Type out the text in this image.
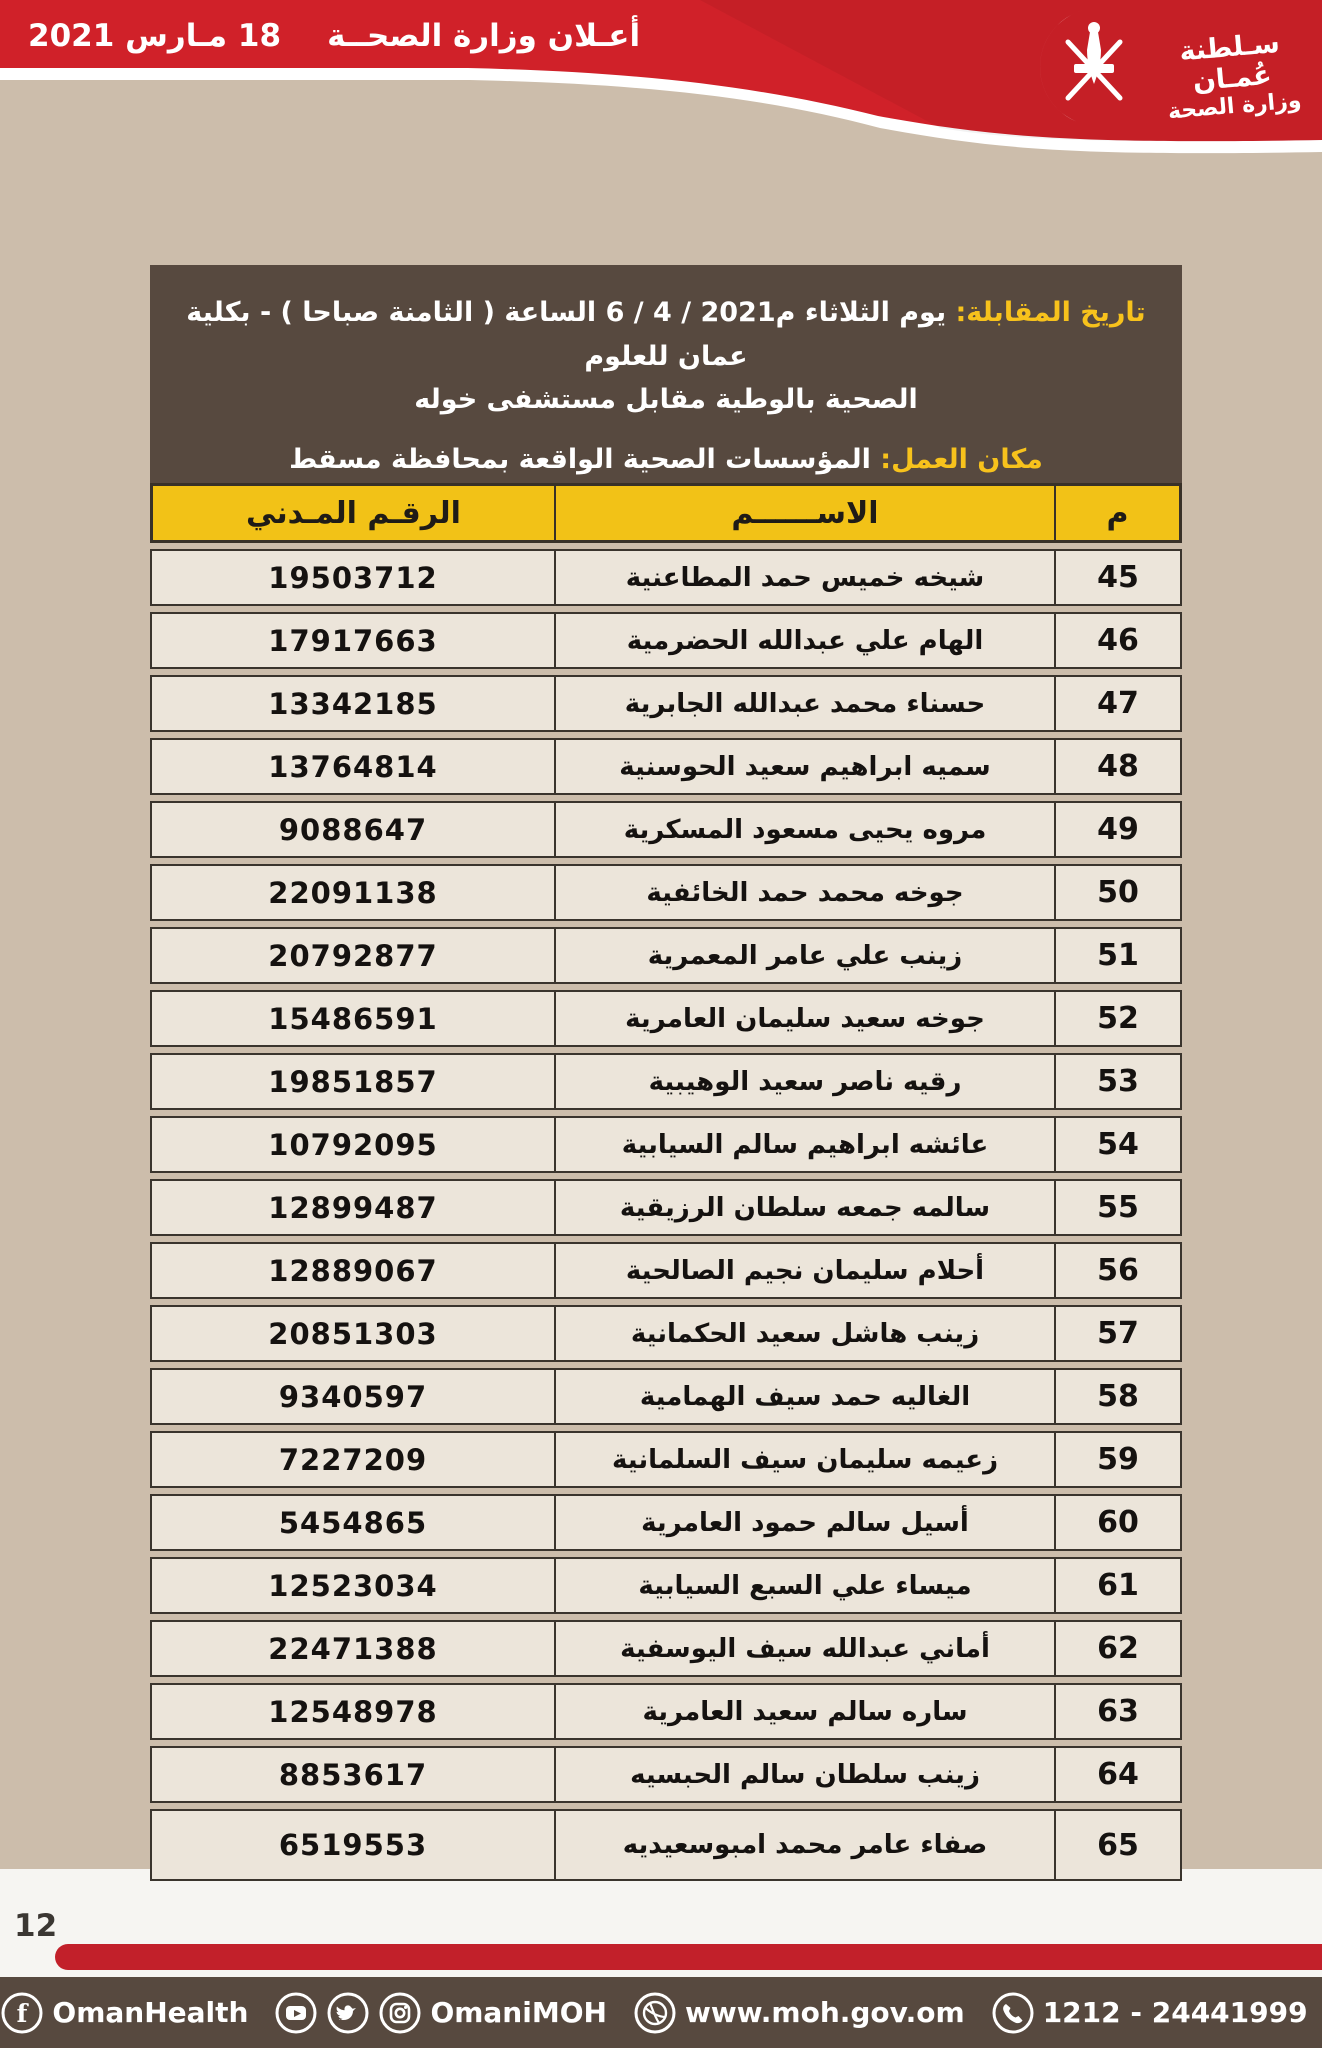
18 مـارس 2021 أعـلان وزارة الصحــة	سـلطنة عُمـان
وزارة الصحة

تاريخ المقابلة: يوم الثلاثاء 6 / 4 / 2021م الساعة ( الثامنة صباحا ) - بكلية عمان للعلوم
الصحية بالوطية مقابل مستشفى خوله

مكان العمل: المؤسسات الصحية الواقعة بمحافظة مسقط

م	الاســــــم	الرقـم المـدني
45	شيخه خميس حمد المطاعنية	19503712
46	الهام علي عبدالله الحضرمية	17917663
47	حسناء محمد عبدالله الجابرية	13342185
48	سميه ابراهيم سعيد الحوسنية	13764814
49	مروه يحيى مسعود المسكرية	9088647
50	جوخه محمد حمد الخائفية	22091138
51	زينب علي عامر المعمرية	20792877
52	جوخه سعيد سليمان العامرية	15486591
53	رقيه ناصر سعيد الوهيبية	19851857
54	عائشه ابراهيم سالم السيابية	10792095
55	سالمه جمعه سلطان الرزيقية	12899487
56	أحلام سليمان نجيم الصالحية	12889067
57	زينب هاشل سعيد الحكمانية	20851303
58	الغاليه حمد سيف الهمامية	9340597
59	زعيمه سليمان سيف السلمانية	7227209
60	أسيل سالم حمود العامرية	5454865
61	ميساء علي السبع السيابية	12523034
62	أماني عبدالله سيف اليوسفية	22471388
63	ساره سالم سعيد العامرية	12548978
64	زينب سلطان سالم الحبسيه	8853617
65	صفاء عامر محمد امبوسعيديه	6519553
12
f OmanHealth	OmaniMOH	www.moh.gov.om	1212 - 24441999
